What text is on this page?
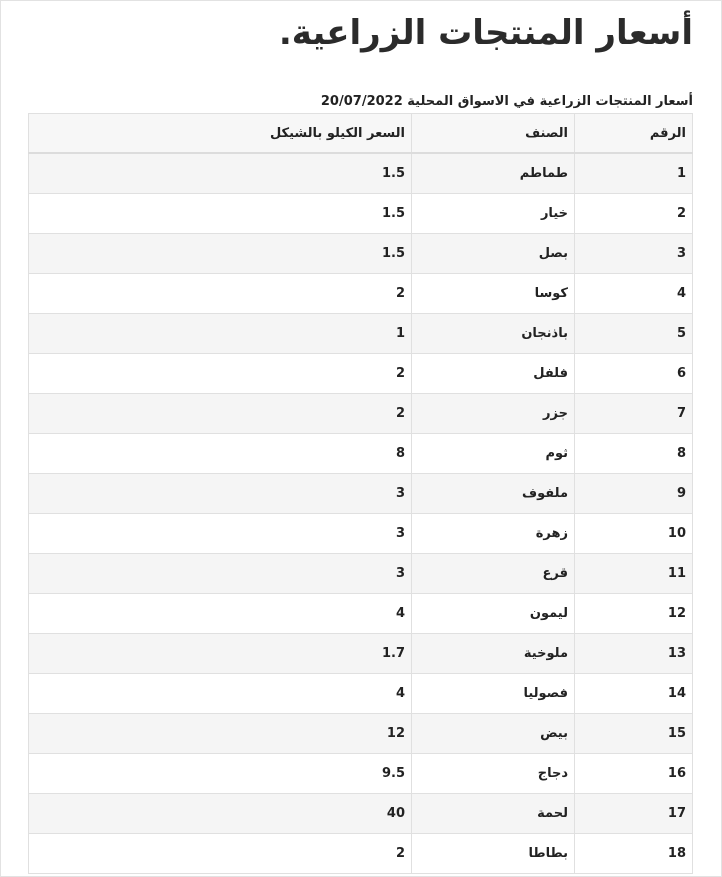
أسعار المنتجات الزراعية.
أسعار المنتجات الزراعية في الاسواق المحلية 20/07/2022
الرقم	الصنف	السعر الكيلو بالشيكل
1	طماطم	1.5
2	خيار	1.5
3	بصل	1.5
4	كوسا	2
5	باذنجان	1
6	فلفل	2
7	جزر	2
8	ثوم	8
9	ملفوف	3
10	زهرة	3
11	قرع	3
12	ليمون	4
13	ملوخية	1.7
14	فصوليا	4
15	بيض	12
16	دجاج	9.5
17	لحمة	40
18	بطاطا	2
